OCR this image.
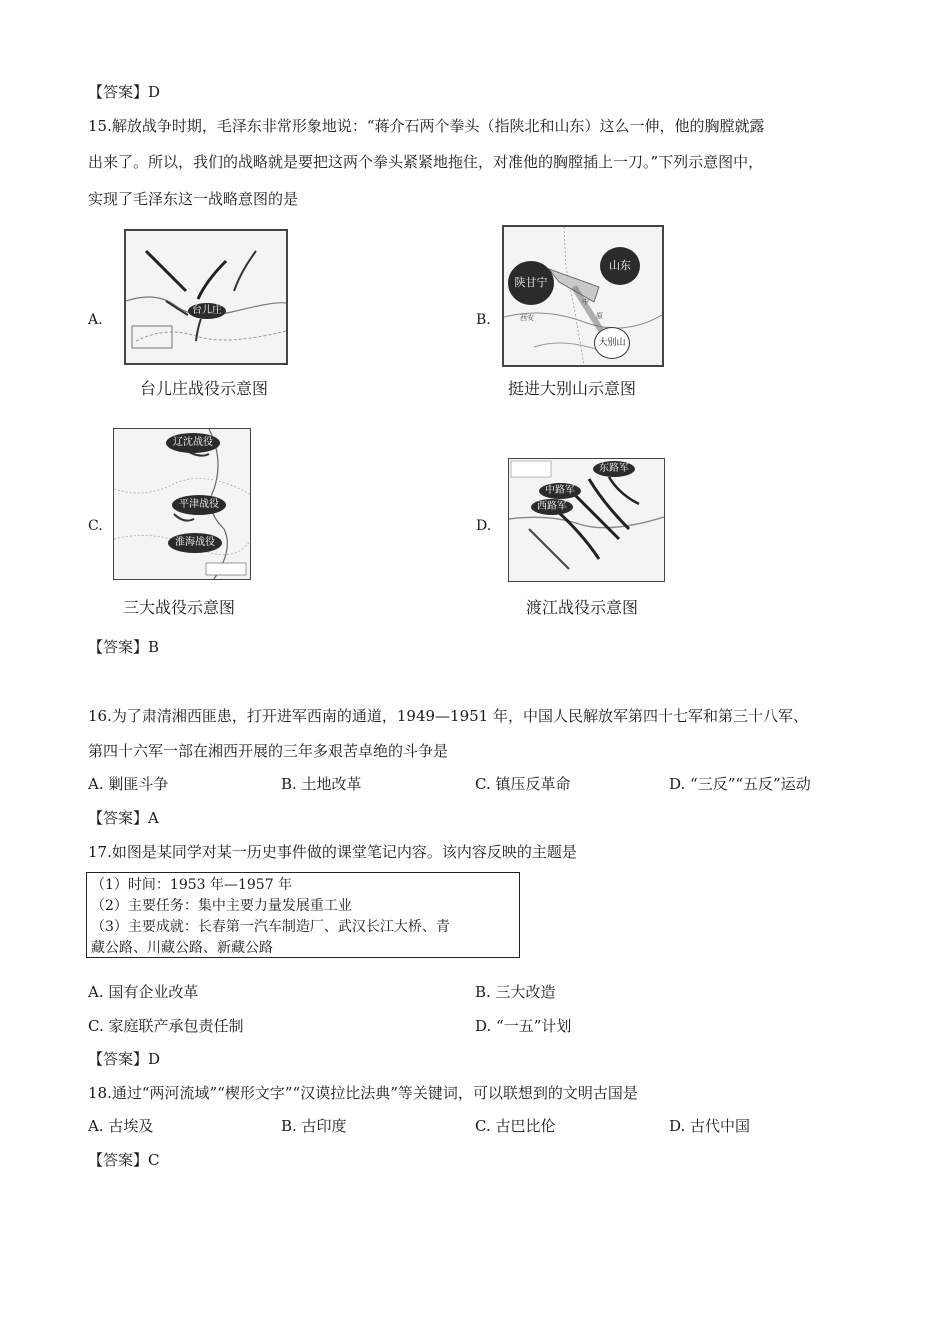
【答案】D
15.解放战争时期，毛泽东非常形象地说：“蒋介石两个拳头（指陕北和山东）这么一伸，他的胸膛就露
出来了。所以，我们的战略就是要把这两个拳头紧紧地拖住，对准他的胸膛插上一刀。”下列示意图中，
实现了毛泽东这一战略意图的是
A.
台儿庄
台儿庄战役示意图
B.
陕甘宁
山东
大别山
西安
中
原
挺进大别山示意图
C.
辽沈战役
平津战役
淮海战役
三大战役示意图
D.
东路军
中路军
西路军
渡江战役示意图
【答案】B
16.为了肃清湘西匪患，打开进军西南的通道，1949—1951 年，中国人民解放军第四十七军和第三十八军、
第四十六军一部在湘西开展的三年多艰苦卓绝的斗争是
A. 剿匪斗争	B. 土地改革	C. 镇压反革命	D. “三反”“五反”运动
【答案】A
17.如图是某同学对某一历史事件做的课堂笔记内容。该内容反映的主题是
（1）时间：1953 年—1957 年
（2）主要任务：集中主要力量发展重工业
（3）主要成就：长春第一汽车制造厂、武汉长江大桥、青
藏公路、川藏公路、新藏公路
A. 国有企业改革	B. 三大改造
C. 家庭联产承包责任制	D. “一五”计划
【答案】D
18.通过“两河流域”“楔形文字”“汉谟拉比法典”等关键词，可以联想到的文明古国是
A. 古埃及	B. 古印度	C. 古巴比伦	D. 古代中国
【答案】C
